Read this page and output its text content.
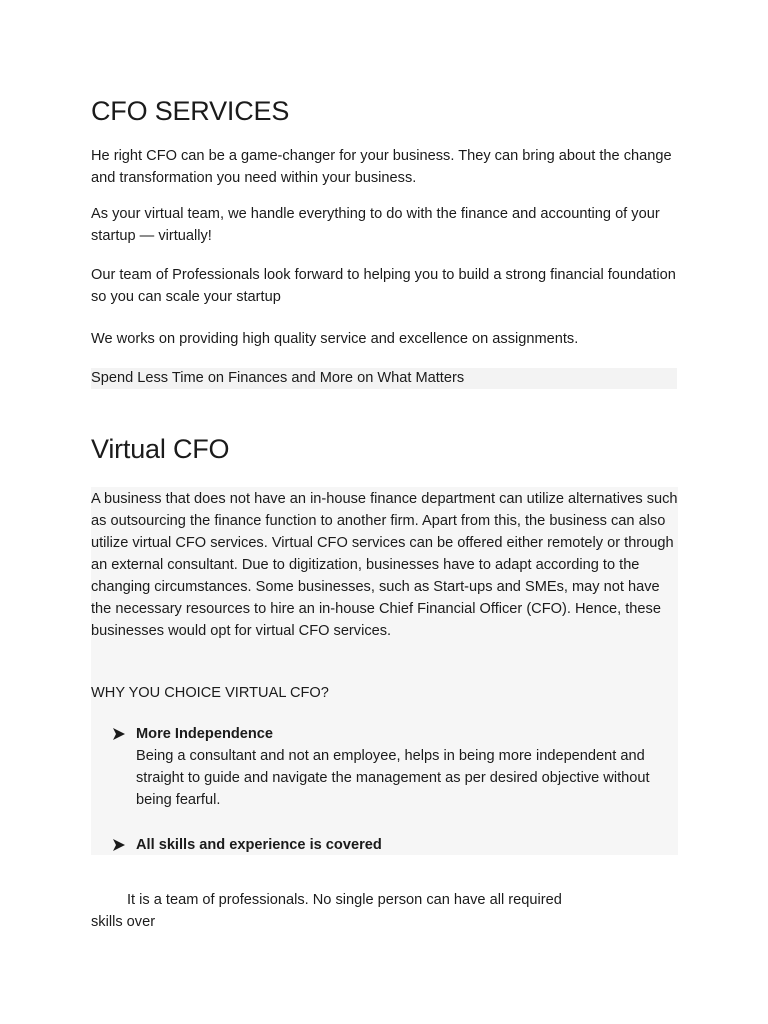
CFO SERVICES

He right CFO can be a game-changer for your business. They can bring about the change and transformation you need within your business.

As your virtual team, we handle everything to do with the finance and accounting of your startup — virtually!

Our team of Professionals look forward to helping you to build a strong financial foundation so you can scale your startup

We works on providing high quality service and excellence on assignments.

Spend Less Time on Finances and More on What Matters
Virtual CFO

A business that does not have an in-house finance department can utilize alternatives such as outsourcing the finance function to another firm. Apart from this, the business can also utilize virtual CFO services. Virtual CFO services can be offered either remotely or through an external consultant. Due to digitization, businesses have to adapt according to the changing circumstances. Some businesses, such as Start-ups and SMEs, may not have the necessary resources to hire an in-house Chief Financial Officer (CFO). Hence, these businesses would opt for virtual CFO services.

WHY YOU CHOICE VIRTUAL CFO?

More Independence
Being a consultant and not an employee, helps in being more independent and straight to guide and navigate the management as per desired objective without being fearful.
All skills and experience is covered

It is a team of professionals. No single person can have all required skills over
